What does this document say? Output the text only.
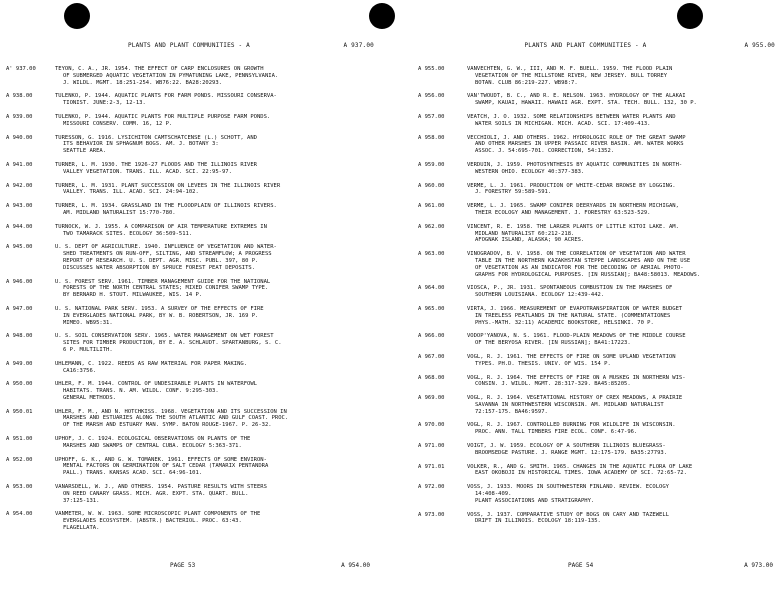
PLANTS AND PLANT COMMUNITIES - A	A 937.00
A' 937.00	TEYON, C. A., JR. 1954. THE EFFECT OF CARP ENCLOSURES ON GROWTH
OF SUBMERGED AQUATIC VEGETATION IN PYMATUNING LAKE, PENNSYLVANIA.
J. WILDL. MGMT. 18:251-254. WB76:22. BA28:20293.
A 938.00	TULENKO, P. 1944. AQUATIC PLANTS FOR FARM PONDS. MISSOURI CONSERVA-
TIONIST. JUNE:2-3, 12-13.
A 939.00	TULENKO, P. 1944. AQUATIC PLANTS FOR MULTIPLE PURPOSE FARM PONDS.
MISSOURI CONSERV. COMM. 16, 12 P.
A 940.00	TURESSON, G. 1916. LYSICHITON CAMTSCHATCENSE (L.) SCHOTT, AND
ITS BEHAVIOR IN SPHAGNUM BOGS. AM. J. BOTANY 3:
SEATTLE AREA.
A 941.00	TURNER, L. M. 1930. THE 1926-27 FLOODS AND THE ILLINOIS RIVER
VALLEY VEGETATION. TRANS. ILL. ACAD. SCI. 22:95-97.
A 942.00	TURNER, L. M. 1931. PLANT SUCCESSION ON LEVEES IN THE ILLINOIS RIVER
VALLEY. TRANS. ILL. ACAD. SCI. 24:94-102.
A 943.00	TURNER, L. M. 1934. GRASSLAND IN THE FLOODPLAIN OF ILLINOIS RIVERS.
AM. MIDLAND NATURALIST 15:770-780.
A 944.00	TURNOCK, W. J. 1955. A COMPARISON OF AIR TEMPERATURE EXTREMES IN
TWO TAMARACK SITES. ECOLOGY 36:509-511.
A 945.00	U. S. DEPT OF AGRICULTURE. 1940. INFLUENCE OF VEGETATION AND WATER-
SHED TREATMENTS ON RUN-OFF, SILTING, AND STREAMFLOW; A PROGRESS
REPORT OF RESEARCH. U. S. DEPT. AGR. MISC. PUBL. 397, 80 P.
DISCUSSES WATER ABSORPTION BY SPRUCE FOREST PEAT DEPOSITS.
A 946.00	U. S. FOREST SERV. 1961. TIMBER MANAGEMENT GUIDE FOR THE NATIONAL
FORESTS OF THE NORTH CENTRAL STATES; MIXED CONIFER SWAMP TYPE.
BY BERNARD H. STOUT. MILWAUKEE, WIS. 14 P.
A 947.00	U. S. NATIONAL PARK SERV. 1953. A SURVEY OF THE EFFECTS OF FIRE
IN EVERGLADES NATIONAL PARK, BY W. B. ROBERTSON, JR. 169 P.
MIMEO. WB95:31.
A 948.00	U. S. SOIL CONSERVATION SERV. 1965. WATER MANAGEMENT ON WET FOREST
SITES FOR TIMBER PRODUCTION, BY E. A. SCHLAUDT. SPARTANBURG, S. C.
6 P. MULTILITH.
A 949.00	UHLEMANN, C. 1922. REEDS AS RAW MATERIAL FOR PAPER MAKING.
CA16:3756.
A 950.00	UHLER, F. M. 1944. CONTROL OF UNDESIRABLE PLANTS IN WATERFOWL
HABITATS. TRANS. N. AM. WILDL. CONF. 9:295-303.
GENERAL METHODS.
A 950.01	UHLER, F. M., AND N. HOTCHKISS. 1968. VEGETATION AND ITS SUCCESSION IN
MARSHES AND ESTUARIES ALONG THE SOUTH ATLANTIC AND GULF COAST. PROC.
OF THE MARSH AND ESTUARY MAN. SYMP. BATON ROUGE-1967. P. 26-32.
A 951.00	UPHOF, J. C. 1924. ECOLOGICAL OBSERVATIONS ON PLANTS OF THE
MARSHES AND SWAMPS OF CENTRAL CUBA. ECOLOGY 5:363-371.
A 952.00	UPHOFF, G. K., AND G. W. TOMANEK. 1961. EFFECTS OF SOME ENVIRON-
MENTAL FACTORS ON GERMINATION OF SALT CEDAR (TAMARIX PENTANDRA
PALL.) TRANS. KANSAS ACAD. SCI. 64:96-101.
A 953.00	VANARSDELL, W. J., AND OTHERS. 1954. PASTURE RESULTS WITH STEERS
ON REED CANARY GRASS. MICH. AGR. EXPT. STA. QUART. BULL.
37:125-131.
A 954.00	VANMETER, W. W. 1963. SOME MICROSCOPIC PLANT COMPONENTS OF THE
EVERGLADES ECOSYSTEM. (ABSTR.) BACTERIOL. PROC. 63:43.
FLAGELLATA.
PAGE 53	A 954.00
PLANTS AND PLANT COMMUNITIES - A	A 955.00
A 955.00	VANVECHTEN, G. W., III, AND M. F. BUELL. 1959. THE FLOOD PLAIN
VEGETATION OF THE MILLSTONE RIVER, NEW JERSEY. BULL TORREY
BOTAN. CLUB 86:219-227. WB98:7.
A 956.00	VAN'TWOUDT, B. C., AND R. E. NELSON. 1963. HYDROLOGY OF THE ALAKAI
SWAMP, KAUAI, HAWAII. HAWAII AGR. EXPT. STA. TECH. BULL. 132, 30 P.
A 957.00	VEATCH, J. O. 1932. SOME RELATIONSHIPS BETWEEN WATER PLANTS AND
WATER SOILS IN MICHIGAN. MICH. ACAD. SCI. 17:409-413.
A 958.00	VECCHIOLI, J. AND OTHERS. 1962. HYDROLOGIC ROLE OF THE GREAT SWAMP
AND OTHER MARSHES IN UPPER PASSAIC RIVER BASIN. AM. WATER WORKS
ASSOC. J. 54:695-701. CORRECTION, 54:1352.
A 959.00	VERDUIN, J. 1959. PHOTOSYNTHESIS BY AQUATIC COMMUNITIES IN NORTH-
WESTERN OHIO. ECOLOGY 40:377-383.
A 960.00	VERME, L. J. 1961. PRODUCTION OF WHITE-CEDAR BROWSE BY LOGGING.
J. FORESTRY 59:589-591.
A 961.00	VERME, L. J. 1965. SWAMP CONIFER DEERYARDS IN NORTHERN MICHIGAN,
THEIR ECOLOGY AND MANAGEMENT. J. FORESTRY 63:523-529.
A 962.00	VINCENT, R. E. 1958. THE LARGER PLANTS OF LITTLE KITOI LAKE. AM.
MIDLAND NATURALIST 60:212-218.
AFOGNAK ISLAND, ALASKA; 90 ACRES.
A 963.00	VINOGRADOV, B. V. 1958. ON THE CORRELATION OF VEGETATION AND WATER
TABLE IN THE NORTHERN KAZAKHSTAN STEPPE LANDSCAPES AND ON THE USE
OF VEGETATION AS AN INDICATOR FOR THE DECODING OF AERIAL PHOTO-
GRAPHS FOR HYDROLOGICAL PURPOSES. [IN RUSSIAN]; BA48:58013. MEADOWS.
A 964.00	VIOSCA, P., JR. 1931. SPONTANEOUS COMBUSTION IN THE MARSHES OF
SOUTHERN LOUISIANA. ECOLOGY 12:439-442.
A 965.00	VIRTA, J. 1966. MEASUREMENT OF EVAPOTRANSPIRATION OF WATER BUDGET
IN TREELESS PEATLANDS IN THE NATURAL STATE. (COMMENTATIONES
PHYS.-MATH. 32:11) ACADEMIC BOOKSTORE, HELSINKI. 70 P.
A 966.00	VODOP'YANOVA, N. S. 1961. FLOOD-PLAIN MEADOWS OF THE MIDDLE COURSE
OF THE BERYOSA RIVER. [IN RUSSIAN]; BA41:17223.
A 967.00	VOGL, R. J. 1961. THE EFFECTS OF FIRE ON SOME UPLAND VEGETATION
TYPES. PH.D. THESIS. UNIV. OF WIS. 154 P.
A 968.00	VOGL, R. J. 1964. THE EFFECTS OF FIRE ON A MUSKEG IN NORTHERN WIS-
CONSIN. J. WILDL. MGMT. 28:317-329. BA45:85205.
A 969.00	VOGL, R. J. 1964. VEGETATIONAL HISTORY OF CREX MEADOWS, A PRAIRIE
SAVANNA IN NORTHWESTERN WISCONSIN. AM. MIDLAND NATURALIST
72:157-175. BA46:9597.
A 970.00	VOGL, R. J. 1967. CONTROLLED BURNING FOR WILDLIFE IN WISCONSIN.
PROC. ANN. TALL TIMBERS FIRE ECOL. CONF. 6:47-96.
A 971.00	VOIGT, J. W. 1959. ECOLOGY OF A SOUTHERN ILLINOIS BLUEGRASS-
BROOMSEDGE PASTURE. J. RANGE MGMT. 12:175-179. BA35:27793.
A 971.01	VOLKER, R., AND G. SMITH. 1965. CHANGES IN THE AQUATIC FLORA OF LAKE
EAST OKOBOJI IN HISTORICAL TIMES. IOWA ACADEMY OF SCI. 72:65-72.
A 972.00	VOSS, J. 1933. MOORS IN SOUTHWESTERN FINLAND. REVIEW. ECOLOGY
14:408-409.
PLANT ASSOCIATIONS AND STRATIGRAPHY.
A 973.00	VOSS, J. 1937. COMPARATIVE STUDY OF BOGS ON CARY AND TAZEWELL
DRIFT IN ILLINOIS. ECOLOGY 18:119-135.
PAGE 54	A 973.00
